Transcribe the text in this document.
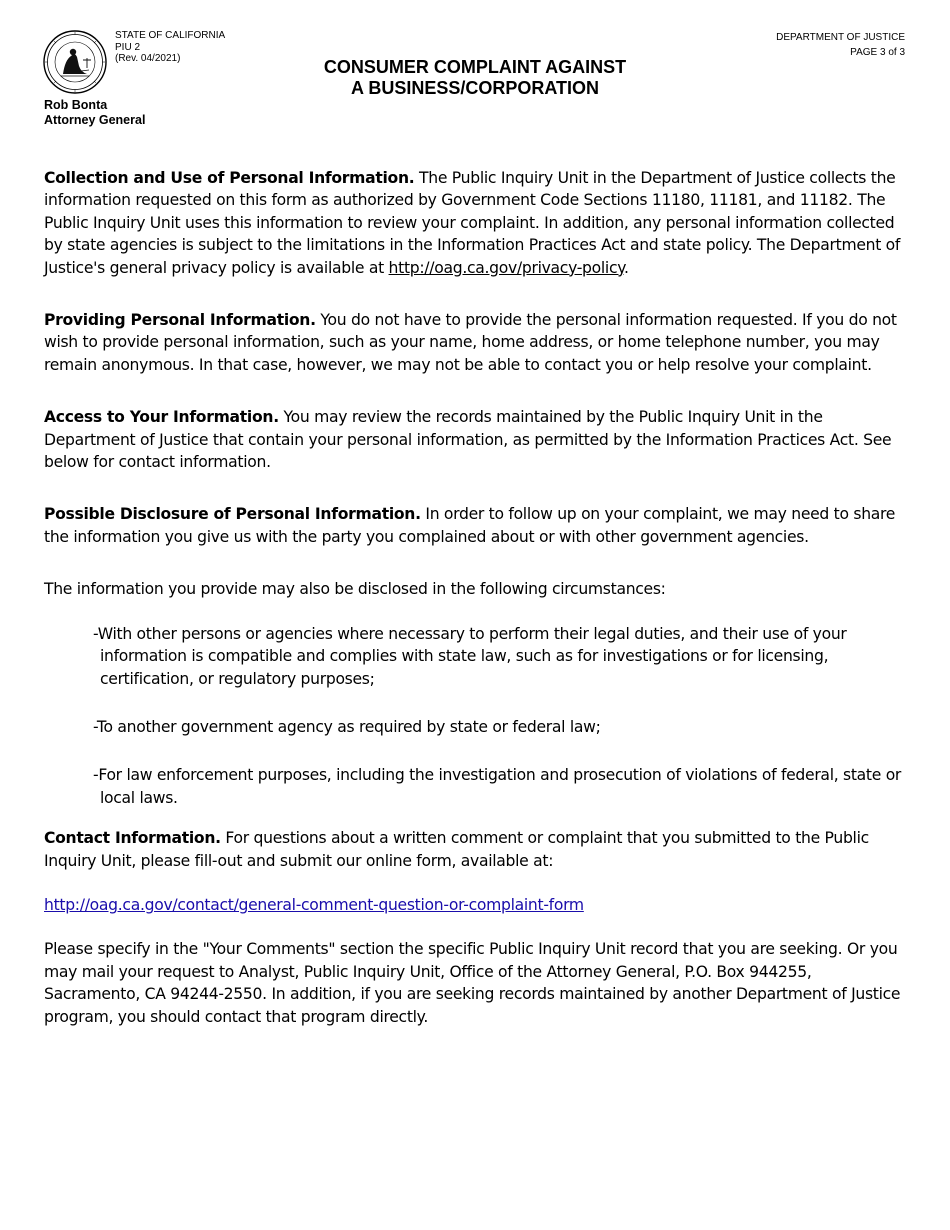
STATE OF CALIFORNIA
PIU 2
(Rev. 04/2021)
DEPARTMENT OF JUSTICE
PAGE 3 of 3
Rob Bonta
Attorney General
CONSUMER COMPLAINT AGAINST
A BUSINESS/CORPORATION

Collection and Use of Personal Information. The Public Inquiry Unit in the Department of Justice collects the information requested on this form as authorized by Government Code Sections 11180, 11181, and 11182. The Public Inquiry Unit uses this information to review your complaint. In addition, any personal information collected by state agencies is subject to the limitations in the Information Practices Act and state policy. The Department of Justice's general privacy policy is available at http://oag.ca.gov/privacy-policy.

Providing Personal Information. You do not have to provide the personal information requested. If you do not wish to provide personal information, such as your name, home address, or home telephone number, you may remain anonymous. In that case, however, we may not be able to contact you or help resolve your complaint.

Access to Your Information. You may review the records maintained by the Public Inquiry Unit in the Department of Justice that contain your personal information, as permitted by the Information Practices Act. See below for contact information.

Possible Disclosure of Personal Information. In order to follow up on your complaint, we may need to share the information you give us with the party you complained about or with other government agencies.

The information you provide may also be disclosed in the following circumstances:

-With other persons or agencies where necessary to perform their legal duties, and their use of your information is compatible and complies with state law, such as for investigations or for licensing, certification, or regulatory purposes;
-To another government agency as required by state or federal law;
-For law enforcement purposes, including the investigation and prosecution of violations of federal, state or local laws.

Contact Information. For questions about a written comment or complaint that you submitted to the Public Inquiry Unit, please fill-out and submit our online form, available at:

http://oag.ca.gov/contact/general-comment-question-or-complaint-form

Please specify in the "Your Comments" section the specific Public Inquiry Unit record that you are seeking. Or you may mail your request to Analyst, Public Inquiry Unit, Office of the Attorney General, P.O. Box 944255, Sacramento, CA 94244-2550. In addition, if you are seeking records maintained by another Department of Justice program, you should contact that program directly.
